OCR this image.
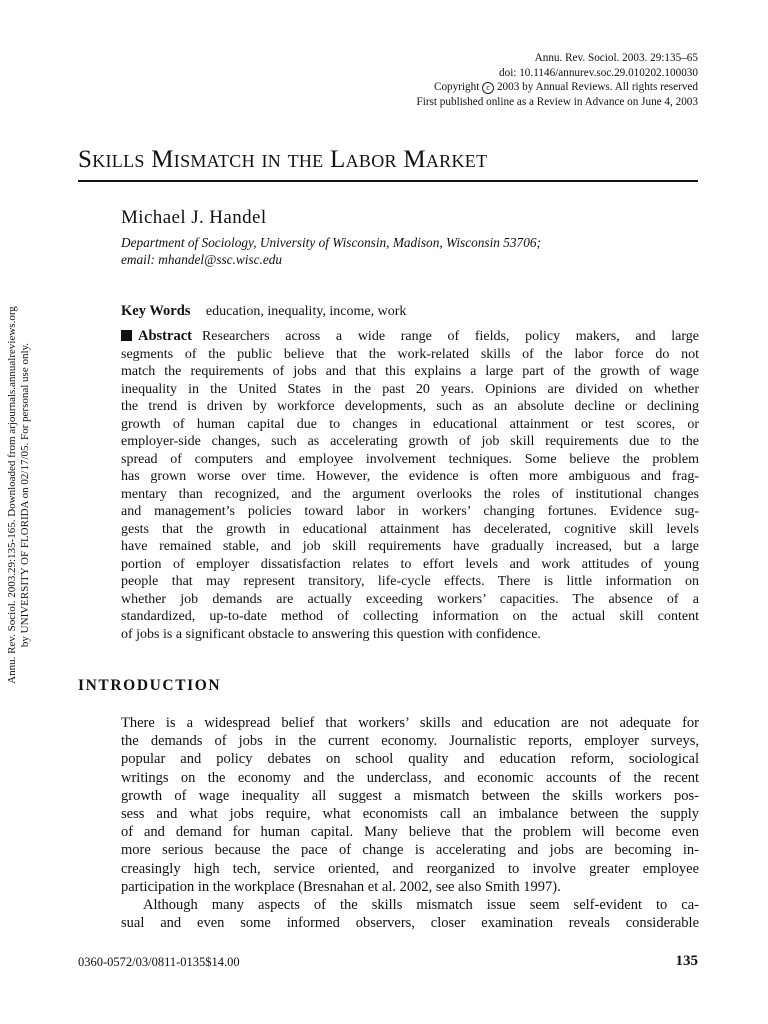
Annu. Rev. Sociol. 2003. 29:135–65
doi: 10.1146/annurev.soc.29.010202.100030
Copyright c 2003 by Annual Reviews. All rights reserved
First published online as a Review in Advance on June 4, 2003
Annu. Rev. Sociol. 2003.29:135-165. Downloaded from arjournals.annualreviews.org by UNIVERSITY OF FLORIDA on 02/17/05. For personal use only.
Skills Mismatch in the Labor Market
Michael J. Handel
Department of Sociology, University of Wisconsin, Madison, Wisconsin 53706;
email: mhandel@ssc.wisc.edu
Key Words education, inequality, income, work
Abstract Researchers across a wide range of fields, policy makers, and large
segments of the public believe that the work-related skills of the labor force do not
match the requirements of jobs and that this explains a large part of the growth of wage
inequality in the United States in the past 20 years. Opinions are divided on whether
the trend is driven by workforce developments, such as an absolute decline or declining
growth of human capital due to changes in educational attainment or test scores, or
employer-side changes, such as accelerating growth of job skill requirements due to the
spread of computers and employee involvement techniques. Some believe the problem
has grown worse over time. However, the evidence is often more ambiguous and frag-
mentary than recognized, and the argument overlooks the roles of institutional changes
and management’s policies toward labor in workers’ changing fortunes. Evidence sug-
gests that the growth in educational attainment has decelerated, cognitive skill levels
have remained stable, and job skill requirements have gradually increased, but a large
portion of employer dissatisfaction relates to effort levels and work attitudes of young
people that may represent transitory, life-cycle effects. There is little information on
whether job demands are actually exceeding workers’ capacities. The absence of a
standardized, up-to-date method of collecting information on the actual skill content
of jobs is a significant obstacle to answering this question with confidence.
INTRODUCTION
There is a widespread belief that workers’ skills and education are not adequate for
the demands of jobs in the current economy. Journalistic reports, employer surveys,
popular and policy debates on school quality and education reform, sociological
writings on the economy and the underclass, and economic accounts of the recent
growth of wage inequality all suggest a mismatch between the skills workers pos-
sess and what jobs require, what economists call an imbalance between the supply
of and demand for human capital. Many believe that the problem will become even
more serious because the pace of change is accelerating and jobs are becoming in-
creasingly high tech, service oriented, and reorganized to involve greater employee
participation in the workplace (Bresnahan et al. 2002, see also Smith 1997).
Although many aspects of the skills mismatch issue seem self-evident to ca-
sual and even some informed observers, closer examination reveals considerable
0360-0572/03/0811-0135$14.00	135
